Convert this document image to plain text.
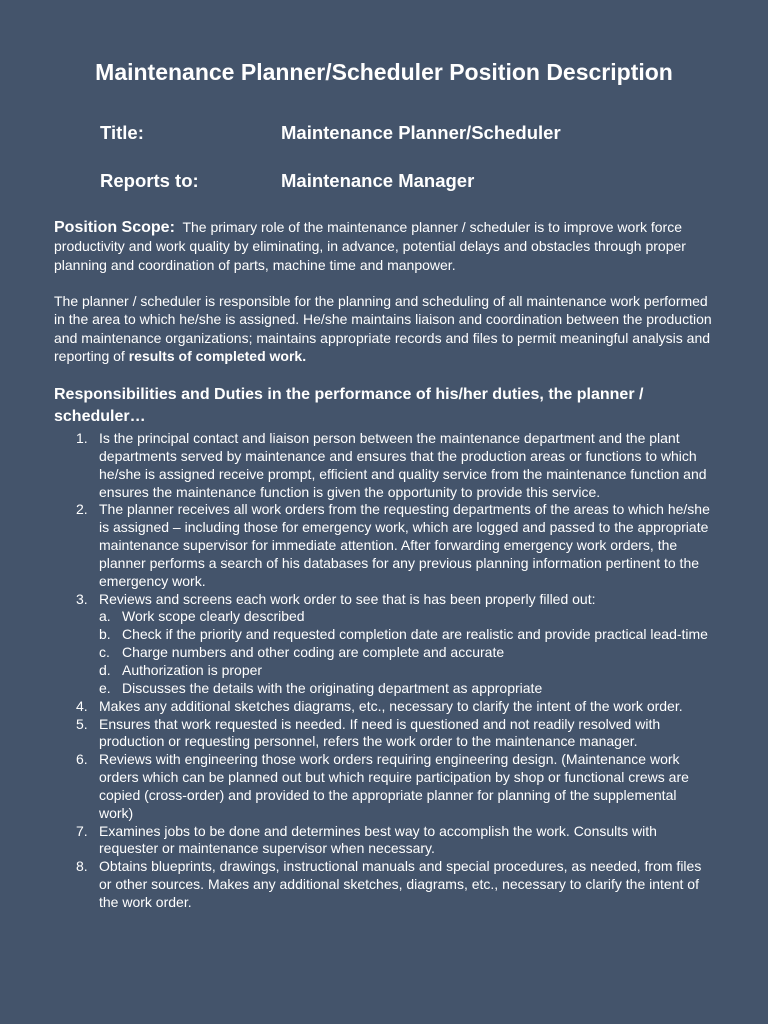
Maintenance Planner/Scheduler Position Description
Title:	Maintenance Planner/Scheduler
Reports to:	Maintenance Manager

Position Scope: The primary role of the maintenance planner / scheduler is to improve work force productivity and work quality by eliminating, in advance, potential delays and obstacles through proper planning and coordination of parts, machine time and manpower.

The planner / scheduler is responsible for the planning and scheduling of all maintenance work performed in the area to which he/she is assigned. He/she maintains liaison and coordination between the production and maintenance organizations; maintains appropriate records and files to permit meaningful analysis and reporting of results of completed work.

Responsibilities and Duties in the performance of his/her duties, the planner / scheduler…
1. Is the principal contact and liaison person between the maintenance department and the plant departments served by maintenance and ensures that the production areas or functions to which he/she is assigned receive prompt, efficient and quality service from the maintenance function and ensures the maintenance function is given the opportunity to provide this service.
2. The planner receives all work orders from the requesting departments of the areas to which he/she is assigned – including those for emergency work, which are logged and passed to the appropriate maintenance supervisor for immediate attention. After forwarding emergency work orders, the planner performs a search of his databases for any previous planning information pertinent to the emergency work.
3. Reviews and screens each work order to see that is has been properly filled out:
a. Work scope clearly described
b. Check if the priority and requested completion date are realistic and provide practical lead-time
c. Charge numbers and other coding are complete and accurate
d. Authorization is proper
e. Discusses the details with the originating department as appropriate
4. Makes any additional sketches diagrams, etc., necessary to clarify the intent of the work order.
5. Ensures that work requested is needed. If need is questioned and not readily resolved with production or requesting personnel, refers the work order to the maintenance manager.
6. Reviews with engineering those work orders requiring engineering design. (Maintenance work orders which can be planned out but which require participation by shop or functional crews are copied (cross-order) and provided to the appropriate planner for planning of the supplemental work)
7. Examines jobs to be done and determines best way to accomplish the work. Consults with requester or maintenance supervisor when necessary.
8. Obtains blueprints, drawings, instructional manuals and special procedures, as needed, from files or other sources. Makes any additional sketches, diagrams, etc., necessary to clarify the intent of the work order.
